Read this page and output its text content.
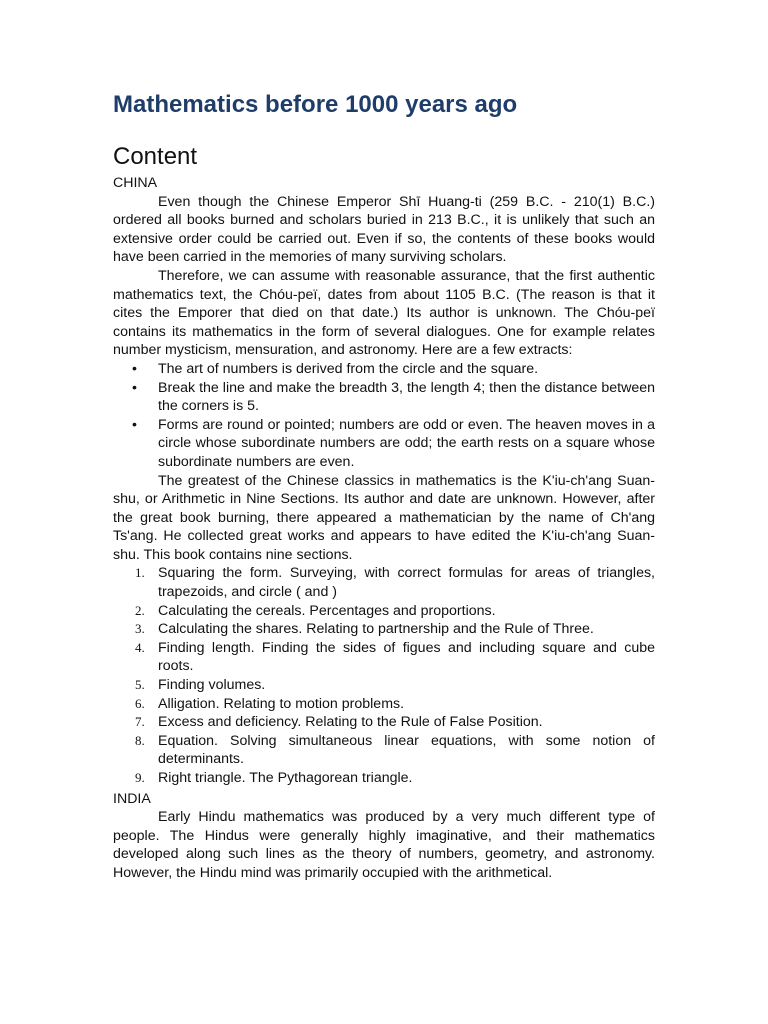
Mathematics before 1000 years ago
Content
CHINA

Even though the Chinese Emperor Shī Huang-ti (259 B.C. - 210(1) B.C.) ordered all books burned and scholars buried in 213 B.C., it is unlikely that such an extensive order could be carried out. Even if so, the contents of these books would have been carried in the memories of many surviving scholars.

Therefore, we can assume with reasonable assurance, that the first authentic mathematics text, the Chóu-peï, dates from about 1105 B.C. (The reason is that it cites the Emporer that died on that date.) Its author is unknown. The Chóu-peï contains its mathematics in the form of several dialogues. One for example relates number mysticism, mensuration, and astronomy. Here are a few extracts:

• The art of numbers is derived from the circle and the square.
• Break the line and make the breadth 3, the length 4; then the distance between the corners is 5.
• Forms are round or pointed; numbers are odd or even. The heaven moves in a circle whose subordinate numbers are odd; the earth rests on a square whose subordinate numbers are even.

The greatest of the Chinese classics in mathematics is the K'iu-ch'ang Suan-shu, or Arithmetic in Nine Sections. Its author and date are unknown. However, after the great book burning, there appeared a mathematician by the name of Ch'ang Ts'ang. He collected great works and appears to have edited the K'iu-ch'ang Suan-shu. This book contains nine sections.

1. Squaring the form. Surveying, with correct formulas for areas of triangles, trapezoids, and circle ( and )
2. Calculating the cereals. Percentages and proportions.
3. Calculating the shares. Relating to partnership and the Rule of Three.
4. Finding length. Finding the sides of figues and including square and cube roots.
5. Finding volumes.
6. Alligation. Relating to motion problems.
7. Excess and deficiency. Relating to the Rule of False Position.
8. Equation. Solving simultaneous linear equations, with some notion of determinants.
9. Right triangle. The Pythagorean triangle.
INDIA

Early Hindu mathematics was produced by a very much different type of people. The Hindus were generally highly imaginative, and their mathematics developed along such lines as the theory of numbers, geometry, and astronomy. However, the Hindu mind was primarily occupied with the arithmetical.
